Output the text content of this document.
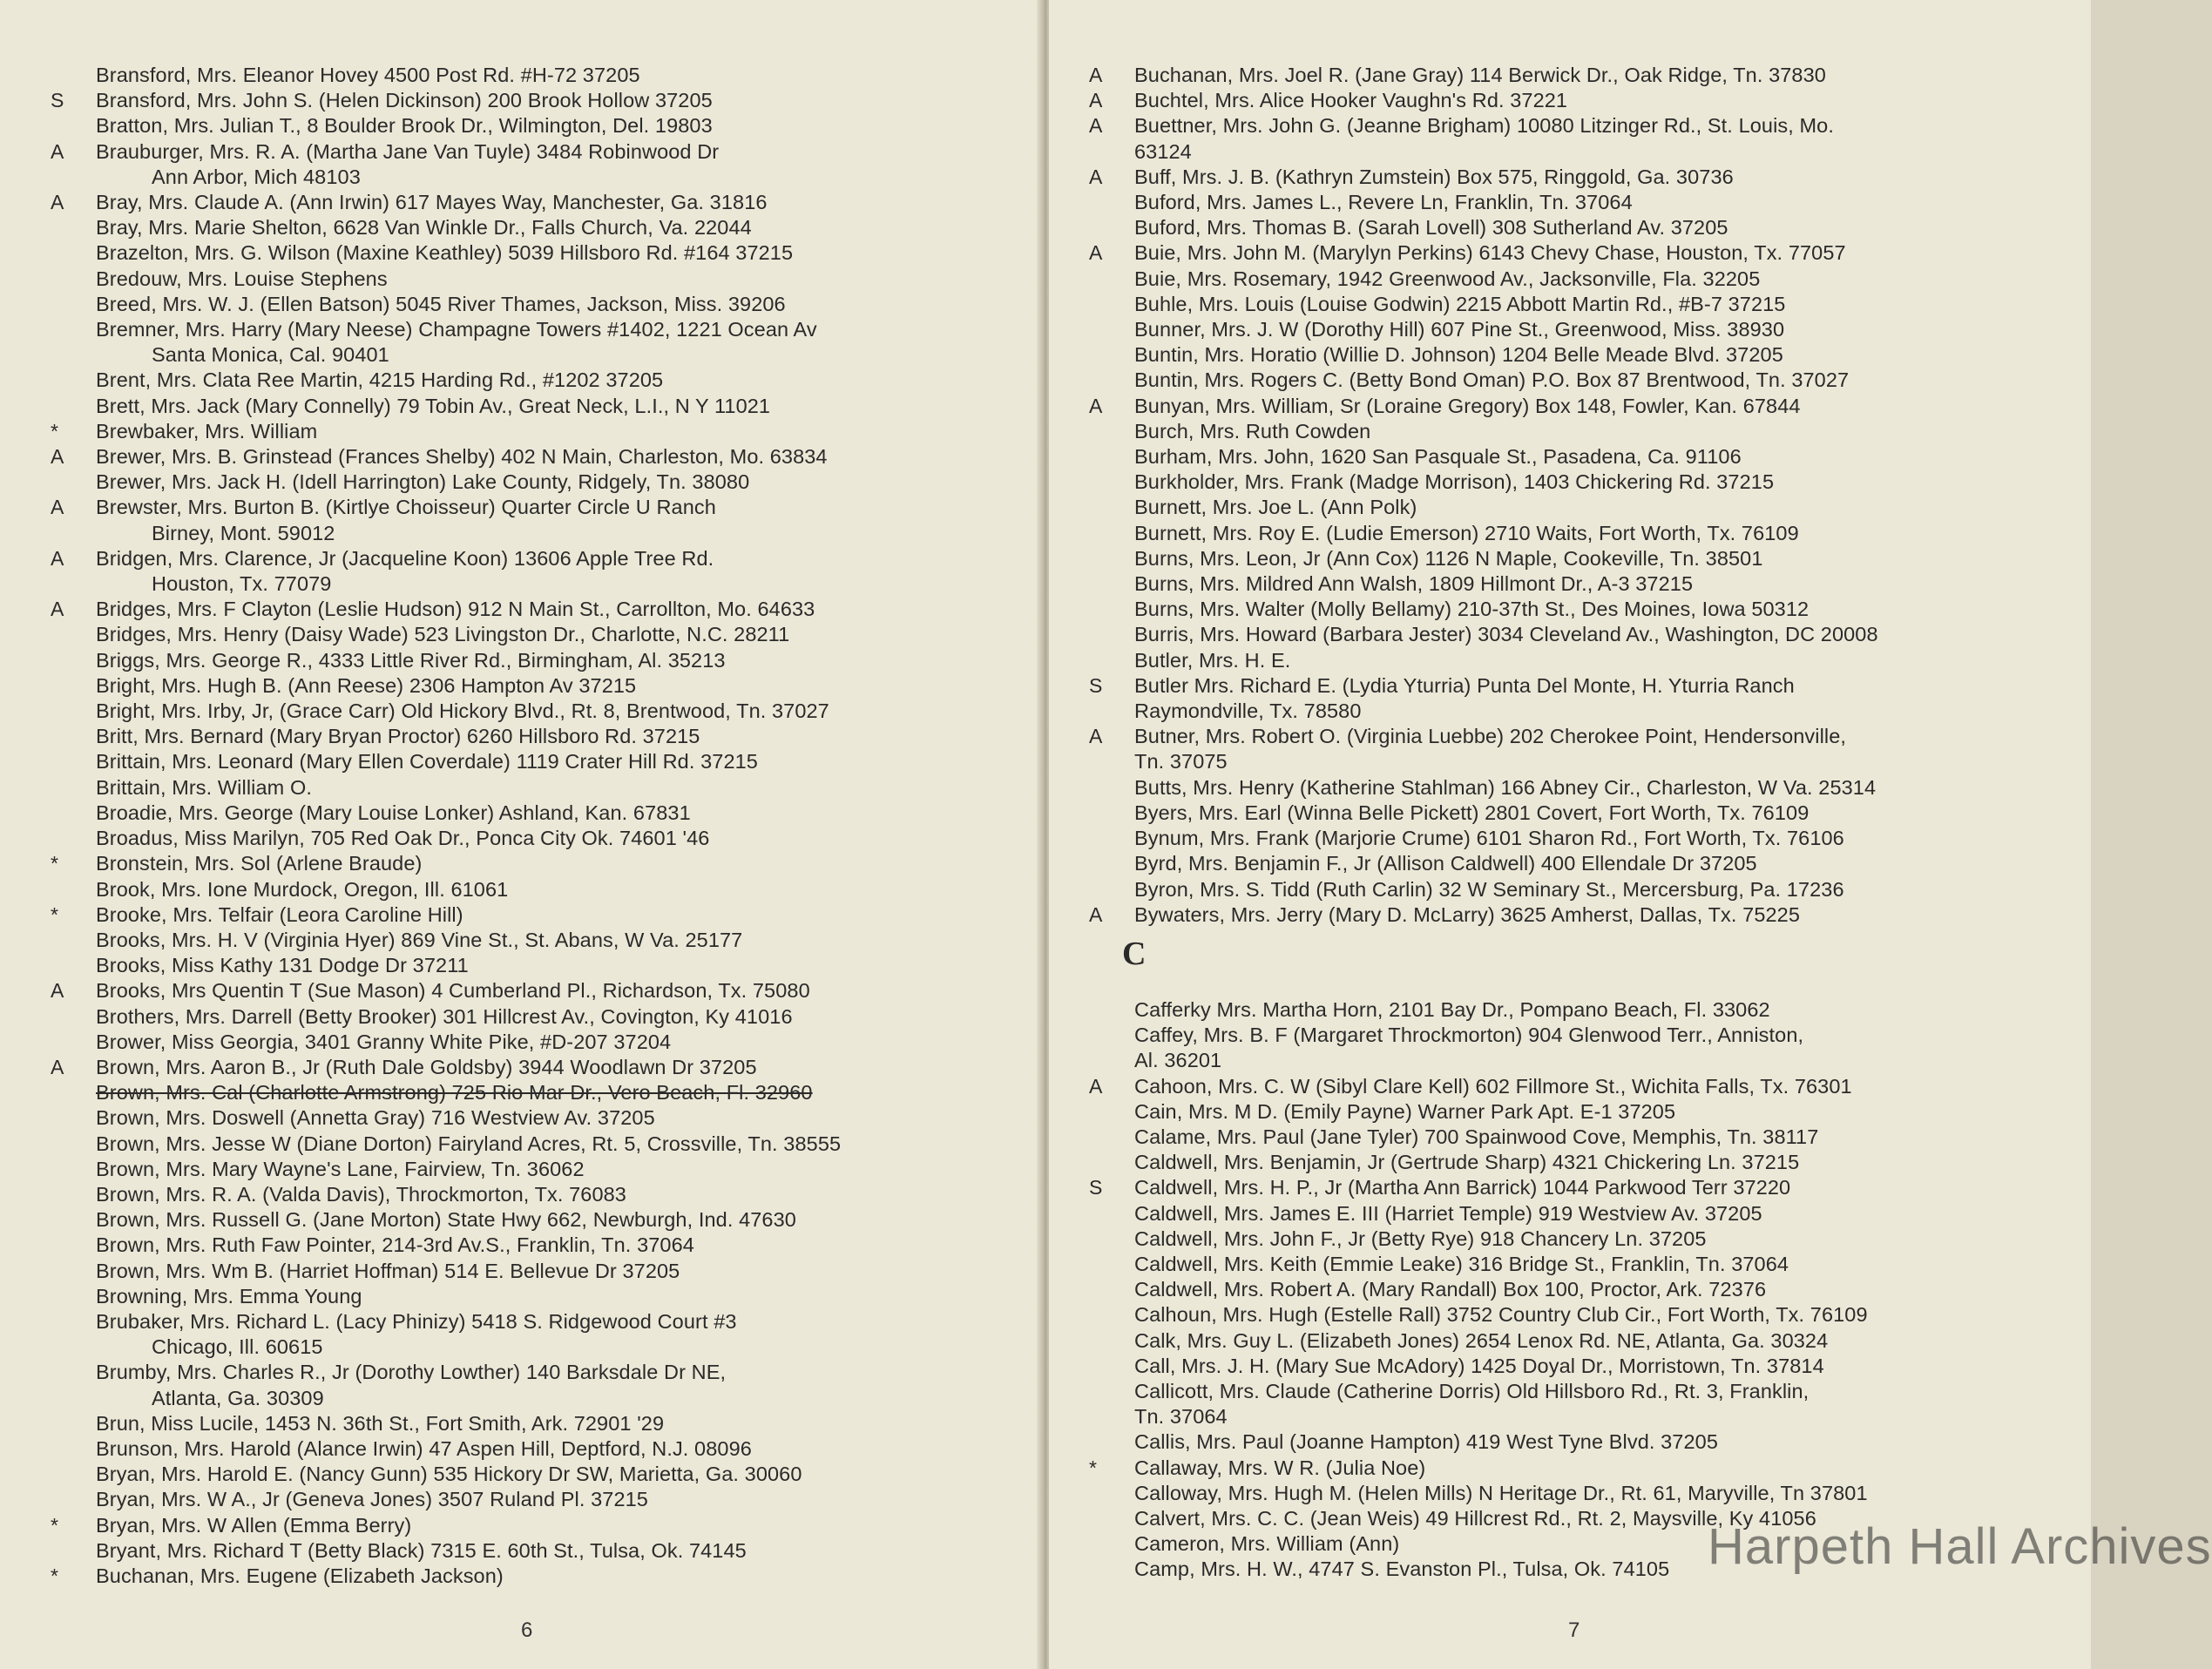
Bransford, Mrs. Eleanor Hovey 4500 Post Rd. #H-72 37205
S	Bransford, Mrs. John S. (Helen Dickinson) 200 Brook Hollow 37205
Bratton, Mrs. Julian T., 8 Boulder Brook Dr., Wilmington, Del. 19803
A	Brauburger, Mrs. R. A. (Martha Jane Van Tuyle) 3484 Robinwood Dr
Ann Arbor, Mich 48103
A	Bray, Mrs. Claude A. (Ann Irwin) 617 Mayes Way, Manchester, Ga. 31816
Bray, Mrs. Marie Shelton, 6628 Van Winkle Dr., Falls Church, Va. 22044
Brazelton, Mrs. G. Wilson (Maxine Keathley) 5039 Hillsboro Rd. #164 37215
Bredouw, Mrs. Louise Stephens
Breed, Mrs. W. J. (Ellen Batson) 5045 River Thames, Jackson, Miss. 39206
Bremner, Mrs. Harry (Mary Neese) Champagne Towers #1402, 1221 Ocean Av
Santa Monica, Cal. 90401
Brent, Mrs. Clata Ree Martin, 4215 Harding Rd., #1202 37205
Brett, Mrs. Jack (Mary Connelly) 79 Tobin Av., Great Neck, L.I., N Y 11021
*	Brewbaker, Mrs. William
A	Brewer, Mrs. B. Grinstead (Frances Shelby) 402 N Main, Charleston, Mo. 63834
Brewer, Mrs. Jack H. (Idell Harrington) Lake County, Ridgely, Tn. 38080
A	Brewster, Mrs. Burton B. (Kirtlye Choisseur) Quarter Circle U Ranch
Birney, Mont. 59012
A	Bridgen, Mrs. Clarence, Jr (Jacqueline Koon) 13606 Apple Tree Rd.
Houston, Tx. 77079
A	Bridges, Mrs. F Clayton (Leslie Hudson) 912 N Main St., Carrollton, Mo. 64633
Bridges, Mrs. Henry (Daisy Wade) 523 Livingston Dr., Charlotte, N.C. 28211
Briggs, Mrs. George R., 4333 Little River Rd., Birmingham, Al. 35213
Bright, Mrs. Hugh B. (Ann Reese) 2306 Hampton Av 37215
Bright, Mrs. Irby, Jr, (Grace Carr) Old Hickory Blvd., Rt. 8, Brentwood, Tn. 37027
Britt, Mrs. Bernard (Mary Bryan Proctor) 6260 Hillsboro Rd. 37215
Brittain, Mrs. Leonard (Mary Ellen Coverdale) 1119 Crater Hill Rd. 37215
Brittain, Mrs. William O.
Broadie, Mrs. George (Mary Louise Lonker) Ashland, Kan. 67831
Broadus, Miss Marilyn, 705 Red Oak Dr., Ponca City Ok. 74601 '46
*	Bronstein, Mrs. Sol (Arlene Braude)
Brook, Mrs. Ione Murdock, Oregon, Ill. 61061
*	Brooke, Mrs. Telfair (Leora Caroline Hill)
Brooks, Mrs. H. V (Virginia Hyer) 869 Vine St., St. Abans, W Va. 25177
Brooks, Miss Kathy 131 Dodge Dr 37211
A	Brooks, Mrs Quentin T (Sue Mason) 4 Cumberland Pl., Richardson, Tx. 75080
Brothers, Mrs. Darrell (Betty Brooker) 301 Hillcrest Av., Covington, Ky 41016
Brower, Miss Georgia, 3401 Granny White Pike, #D-207 37204
A	Brown, Mrs. Aaron B., Jr (Ruth Dale Goldsby) 3944 Woodlawn Dr 37205
Brown, Mrs. Cal (Charlotte Armstrong) 725 Rio Mar Dr., Vero Beach, Fl. 32960
Brown, Mrs. Doswell (Annetta Gray) 716 Westview Av. 37205
Brown, Mrs. Jesse W (Diane Dorton) Fairyland Acres, Rt. 5, Crossville, Tn. 38555
Brown, Mrs. Mary Wayne's Lane, Fairview, Tn. 36062
Brown, Mrs. R. A. (Valda Davis), Throckmorton, Tx. 76083
Brown, Mrs. Russell G. (Jane Morton) State Hwy 662, Newburgh, Ind. 47630
Brown, Mrs. Ruth Faw Pointer, 214-3rd Av.S., Franklin, Tn. 37064
Brown, Mrs. Wm B. (Harriet Hoffman) 514 E. Bellevue Dr 37205
Browning, Mrs. Emma Young
Brubaker, Mrs. Richard L. (Lacy Phinizy) 5418 S. Ridgewood Court #3
Chicago, Ill. 60615
Brumby, Mrs. Charles R., Jr (Dorothy Lowther) 140 Barksdale Dr NE,
Atlanta, Ga. 30309
Brun, Miss Lucile, 1453 N. 36th St., Fort Smith, Ark. 72901 '29
Brunson, Mrs. Harold (Alance Irwin) 47 Aspen Hill, Deptford, N.J. 08096
Bryan, Mrs. Harold E. (Nancy Gunn) 535 Hickory Dr SW, Marietta, Ga. 30060
Bryan, Mrs. W A., Jr (Geneva Jones) 3507 Ruland Pl. 37215
*	Bryan, Mrs. W Allen (Emma Berry)
Bryant, Mrs. Richard T (Betty Black) 7315 E. 60th St., Tulsa, Ok. 74145
*	Buchanan, Mrs. Eugene (Elizabeth Jackson)
6
A	Buchanan, Mrs. Joel R. (Jane Gray) 114 Berwick Dr., Oak Ridge, Tn. 37830
A	Buchtel, Mrs. Alice Hooker Vaughn's Rd. 37221
A	Buettner, Mrs. John G. (Jeanne Brigham) 10080 Litzinger Rd., St. Louis, Mo.
63124
A	Buff, Mrs. J. B. (Kathryn Zumstein) Box 575, Ringgold, Ga. 30736
Buford, Mrs. James L., Revere Ln, Franklin, Tn. 37064
Buford, Mrs. Thomas B. (Sarah Lovell) 308 Sutherland Av. 37205
A	Buie, Mrs. John M. (Marylyn Perkins) 6143 Chevy Chase, Houston, Tx. 77057
Buie, Mrs. Rosemary, 1942 Greenwood Av., Jacksonville, Fla. 32205
Buhle, Mrs. Louis (Louise Godwin) 2215 Abbott Martin Rd., #B-7 37215
Bunner, Mrs. J. W (Dorothy Hill) 607 Pine St., Greenwood, Miss. 38930
Buntin, Mrs. Horatio (Willie D. Johnson) 1204 Belle Meade Blvd. 37205
Buntin, Mrs. Rogers C. (Betty Bond Oman) P.O. Box 87 Brentwood, Tn. 37027
A	Bunyan, Mrs. William, Sr (Loraine Gregory) Box 148, Fowler, Kan. 67844
Burch, Mrs. Ruth Cowden
Burham, Mrs. John, 1620 San Pasquale St., Pasadena, Ca. 91106
Burkholder, Mrs. Frank (Madge Morrison), 1403 Chickering Rd. 37215
Burnett, Mrs. Joe L. (Ann Polk)
Burnett, Mrs. Roy E. (Ludie Emerson) 2710 Waits, Fort Worth, Tx. 76109
Burns, Mrs. Leon, Jr (Ann Cox) 1126 N Maple, Cookeville, Tn. 38501
Burns, Mrs. Mildred Ann Walsh, 1809 Hillmont Dr., A-3 37215
Burns, Mrs. Walter (Molly Bellamy) 210-37th St., Des Moines, Iowa 50312
Burris, Mrs. Howard (Barbara Jester) 3034 Cleveland Av., Washington, DC 20008
Butler, Mrs. H. E.
S	Butler Mrs. Richard E. (Lydia Yturria) Punta Del Monte, H. Yturria Ranch
Raymondville, Tx. 78580
A	Butner, Mrs. Robert O. (Virginia Luebbe) 202 Cherokee Point, Hendersonville,
Tn. 37075
Butts, Mrs. Henry (Katherine Stahlman) 166 Abney Cir., Charleston, W Va. 25314
Byers, Mrs. Earl (Winna Belle Pickett) 2801 Covert, Fort Worth, Tx. 76109
Bynum, Mrs. Frank (Marjorie Crume) 6101 Sharon Rd., Fort Worth, Tx. 76106
Byrd, Mrs. Benjamin F., Jr (Allison Caldwell) 400 Ellendale Dr 37205
Byron, Mrs. S. Tidd (Ruth Carlin) 32 W Seminary St., Mercersburg, Pa. 17236
A	Bywaters, Mrs. Jerry (Mary D. McLarry) 3625 Amherst, Dallas, Tx. 75225
C
Cafferky Mrs. Martha Horn, 2101 Bay Dr., Pompano Beach, Fl. 33062
Caffey, Mrs. B. F (Margaret Throckmorton) 904 Glenwood Terr., Anniston,
Al. 36201
A	Cahoon, Mrs. C. W (Sibyl Clare Kell) 602 Fillmore St., Wichita Falls, Tx. 76301
Cain, Mrs. M D. (Emily Payne) Warner Park Apt. E-1 37205
Calame, Mrs. Paul (Jane Tyler) 700 Spainwood Cove, Memphis, Tn. 38117
Caldwell, Mrs. Benjamin, Jr (Gertrude Sharp) 4321 Chickering Ln. 37215
S	Caldwell, Mrs. H. P., Jr (Martha Ann Barrick) 1044 Parkwood Terr 37220
Caldwell, Mrs. James E. III (Harriet Temple) 919 Westview Av. 37205
Caldwell, Mrs. John F., Jr (Betty Rye) 918 Chancery Ln. 37205
Caldwell, Mrs. Keith (Emmie Leake) 316 Bridge St., Franklin, Tn. 37064
Caldwell, Mrs. Robert A. (Mary Randall) Box 100, Proctor, Ark. 72376
Calhoun, Mrs. Hugh (Estelle Rall) 3752 Country Club Cir., Fort Worth, Tx. 76109
Calk, Mrs. Guy L. (Elizabeth Jones) 2654 Lenox Rd. NE, Atlanta, Ga. 30324
Call, Mrs. J. H. (Mary Sue McAdory) 1425 Doyal Dr., Morristown, Tn. 37814
Callicott, Mrs. Claude (Catherine Dorris) Old Hillsboro Rd., Rt. 3, Franklin,
Tn. 37064
Callis, Mrs. Paul (Joanne Hampton) 419 West Tyne Blvd. 37205
*	Callaway, Mrs. W R. (Julia Noe)
Calloway, Mrs. Hugh M. (Helen Mills) N Heritage Dr., Rt. 61, Maryville, Tn 37801
Calvert, Mrs. C. C. (Jean Weis) 49 Hillcrest Rd., Rt. 2, Maysville, Ky 41056
Cameron, Mrs. William (Ann)
Camp, Mrs. H. W., 4747 S. Evanston Pl., Tulsa, Ok. 74105
7
Harpeth Hall Archives
